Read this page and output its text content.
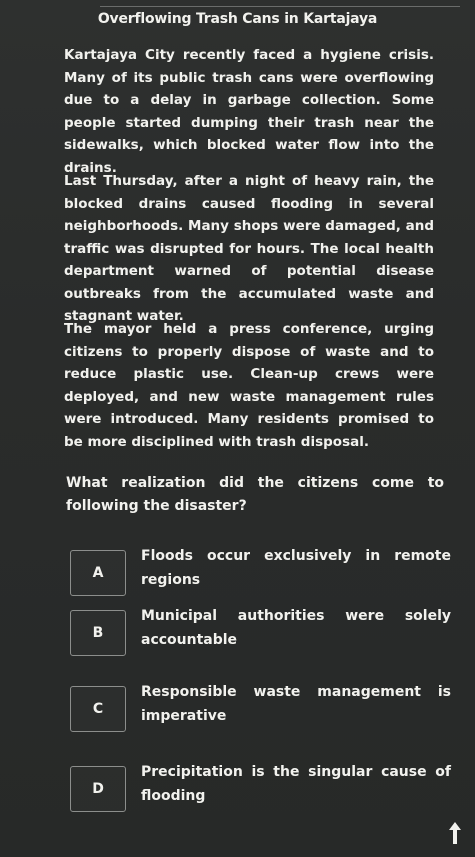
Overflowing Trash Cans in Kartajaya

Kartajaya City recently faced a hygiene crisis. Many of its public trash cans were overflowing due to a delay in garbage collection. Some people started dumping their trash near the sidewalks, which blocked water flow into the drains.

Last Thursday, after a night of heavy rain, the blocked drains caused flooding in several neighborhoods. Many shops were damaged, and traffic was disrupted for hours. The local health department warned of potential disease outbreaks from the accumulated waste and stagnant water.

The mayor held a press conference, urging citizens to properly dispose of waste and to reduce plastic use. Clean-up crews were deployed, and new waste management rules were introduced. Many residents promised to be more disciplined with trash disposal.

What realization did the citizens come to following the disaster?

A
Floods occur exclusively in remote regions
B
Municipal authorities were solely accountable
C
Responsible waste management is imperative
D
Precipitation is the singular cause of flooding
